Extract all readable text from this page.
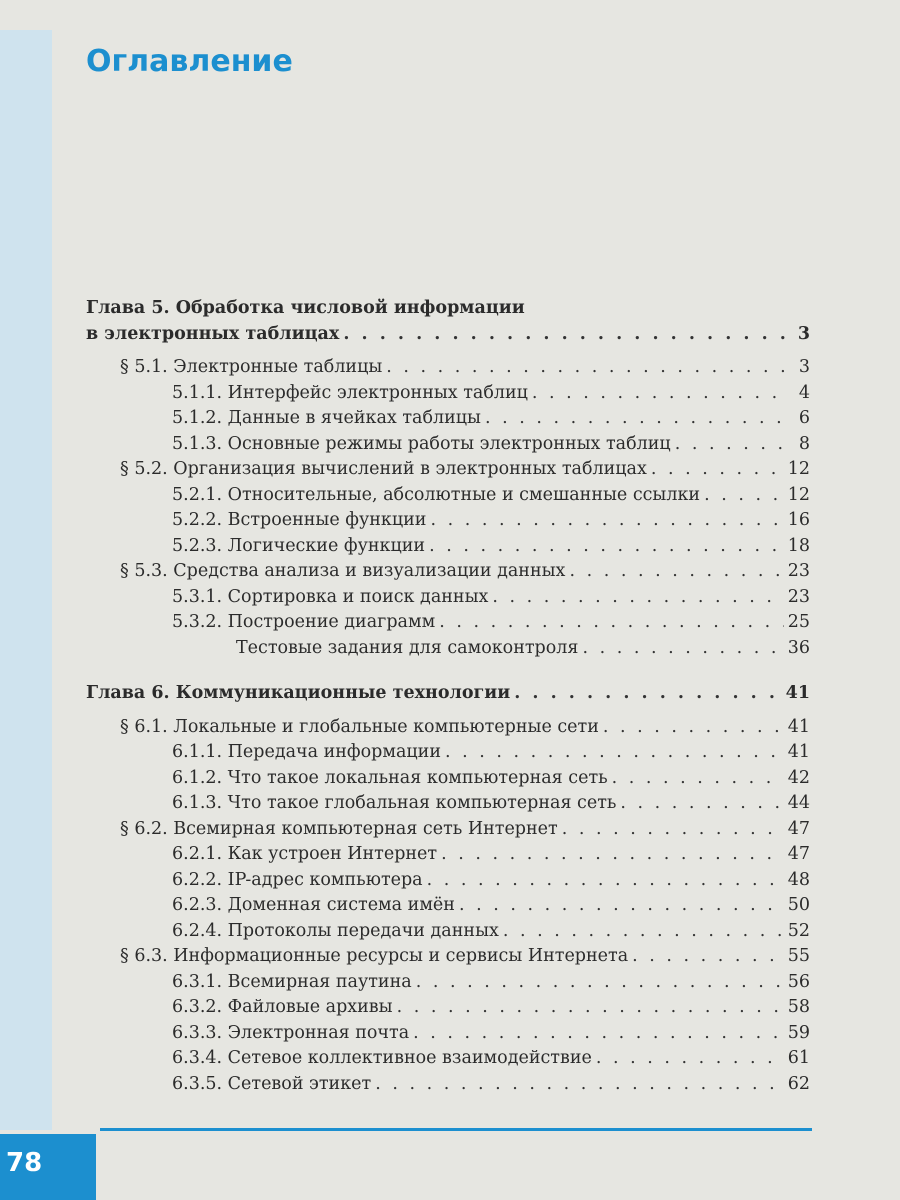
Оглавление
Глава 5. Обработка числовой информации
в электронных таблицах . . .	3
§ 5.1. Электронные таблицы . . .	3
5.1.1. Интерфейс электронных таблиц . . .	4
5.1.2. Данные в ячейках таблицы . . .	6
5.1.3. Основные режимы работы электронных таблиц . . .	8
§ 5.2. Организация вычислений в электронных таблицах . . .	12
5.2.1. Относительные, абсолютные и смешанные ссылки . . .	12
5.2.2. Встроенные функции . . .	16
5.2.3. Логические функции . . .	18
§ 5.3. Средства анализа и визуализации данных . . .	23
5.3.1. Сортировка и поиск данных . . .	23
5.3.2. Построение диаграмм . . .	25
Тестовые задания для самоконтроля . . .	36
Глава 6. Коммуникационные технологии . . .	41
§ 6.1. Локальные и глобальные компьютерные сети . . .	41
6.1.1. Передача информации . . .	41
6.1.2. Что такое локальная компьютерная сеть . . .	42
6.1.3. Что такое глобальная компьютерная сеть . . .	44
§ 6.2. Всемирная компьютерная сеть Интернет . . .	47
6.2.1. Как устроен Интернет . . .	47
6.2.2. IP-адрес компьютера . . .	48
6.2.3. Доменная система имён . . .	50
6.2.4. Протоколы передачи данных . . .	52
§ 6.3. Информационные ресурсы и сервисы Интернета . . .	55
6.3.1. Всемирная паутина . . .	56
6.3.2. Файловые архивы . . .	58
6.3.3. Электронная почта . . .	59
6.3.4. Сетевое коллективное взаимодействие . . .	61
6.3.5. Сетевой этикет . . .	62
78
